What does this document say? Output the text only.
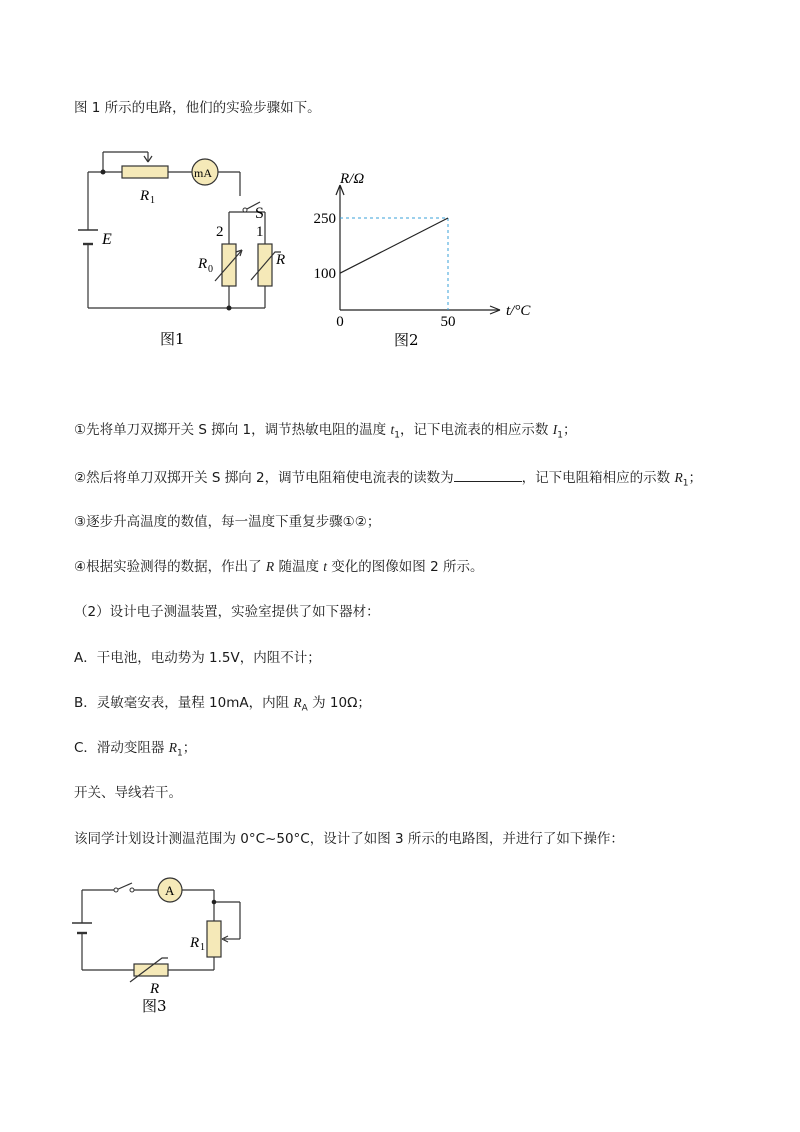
图 1 所示的电路，他们的实验步骤如下。
R 1
mA
S
E	2 1
R 0
R
图1
250
100
0	50
R/Ω
t/°C
图2
①先将单刀双掷开关 S 掷向 1，调节热敏电阻的温度 $t_1$，记下电流表的相应示数 $I_1$；
②然后将单刀双掷开关 S 掷向 2，调节电阻箱使电流表的读数为	，记下电阻箱相应的示数 $R_1$；
③逐步升高温度的数值，每一温度下重复步骤①②；
④根据实验测得的数据，作出了 R 随温度 t 变化的图像如图 2 所示。
（2）设计电子测温装置，实验室提供了如下器材：
A．干电池，电动势为 1.5V，内阻不计；
B．灵敏毫安表，量程 10mA，内阻 $R_A$ 为 10Ω；
C．滑动变阻器 $R_1$；
开关、导线若干。
该同学计划设计测温范围为 0°C~50°C，设计了如图 3 所示的电路图，并进行了如下操作：
A
R 1
R
图3
